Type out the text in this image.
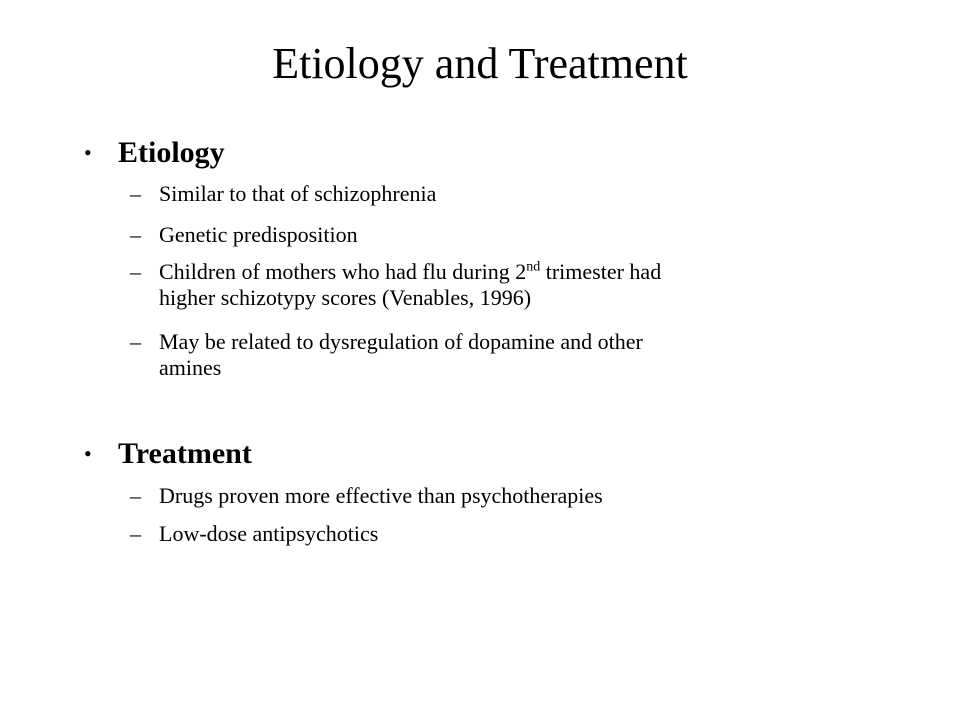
Etiology and Treatment
• Etiology
– Similar to that of schizophrenia
– Genetic predisposition
– Children of mothers who had flu during 2nd trimester had
higher schizotypy scores (Venables, 1996)
– May be related to dysregulation of dopamine and other
amines
• Treatment
– Drugs proven more effective than psychotherapies
– Low-dose antipsychotics
